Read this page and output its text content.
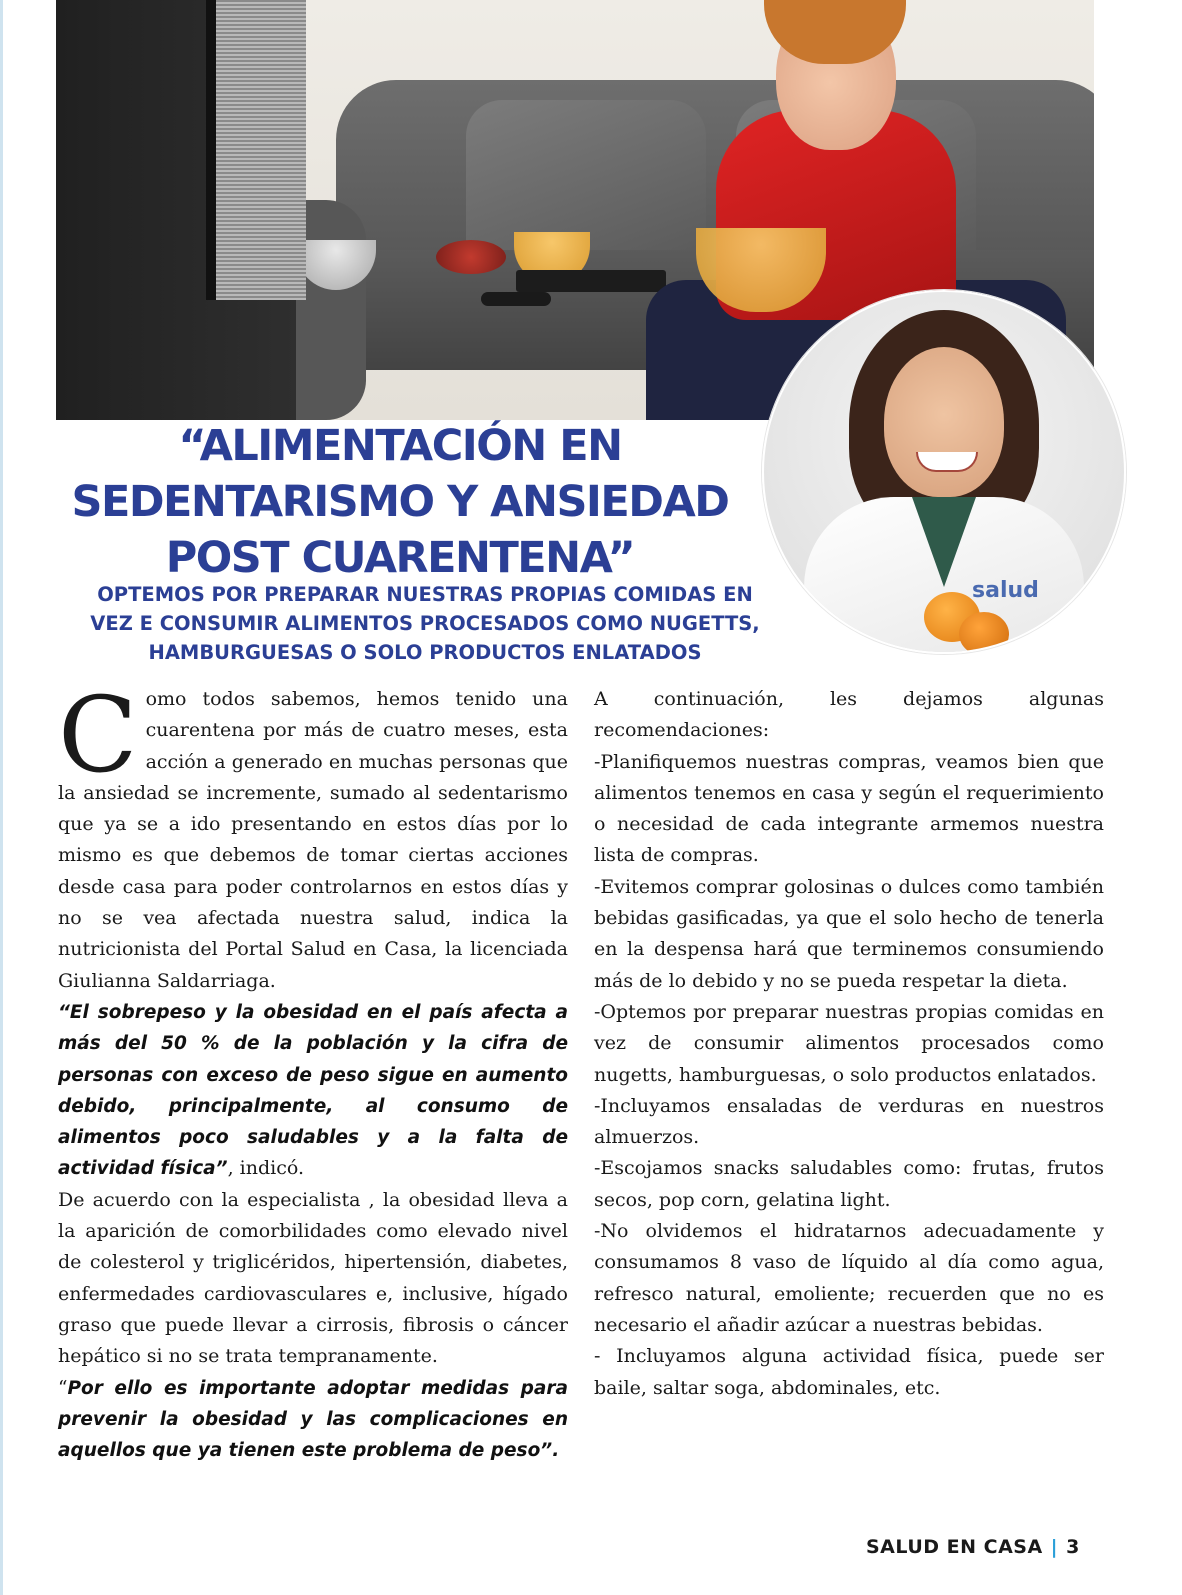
salud
“ALIMENTACIÓN EN
SEDENTARISMO Y ANSIEDAD
POST CUARENTENA”
OPTEMOS POR PREPARAR NUESTRAS PROPIAS COMIDAS EN
VEZ E CONSUMIR ALIMENTOS PROCESADOS COMO NUGETTS,
HAMBURGUESAS O SOLO PRODUCTOS ENLATADOS

Como todos sabemos, hemos tenido una cuarentena por más de cuatro meses, esta acción a generado en muchas personas que la ansiedad se incremente, sumado al sedentarismo que ya se a ido presentando en estos días por lo mismo es que debemos de tomar ciertas acciones desde casa para poder controlarnos en estos días y no se vea afectada nuestra salud, indica la nutricionista del Portal Salud en Casa, la licenciada Giulianna Saldarriaga.

“El sobrepeso y la obesidad en el país afecta a más del 50 % de la población y la cifra de personas con exceso de peso sigue en aumento debido, principalmente, al consumo de alimentos poco saludables y a la falta de actividad física”, indicó.

De acuerdo con la especialista , la obesidad lleva a la aparición de comorbilidades como elevado nivel de colesterol y triglicéridos, hipertensión, diabetes, enfermedades cardiovasculares e, inclusive, hígado graso que puede llevar a cirrosis, fibrosis o cáncer hepático si no se trata tempranamente.

“Por ello es importante adoptar medidas para prevenir la obesidad y las complicaciones en aquellos que ya tienen este problema de peso”.

A continuación, les dejamos algunas recomendaciones:

-Planifiquemos nuestras compras, veamos bien que alimentos tenemos en casa y según el requerimiento o necesidad de cada integrante armemos nuestra lista de compras.

-Evitemos comprar golosinas o dulces como también bebidas gasificadas, ya que el solo hecho de tenerla en la despensa hará que terminemos consumiendo más de lo debido y no se pueda respetar la dieta.

-Optemos por preparar nuestras propias comidas en vez de consumir alimentos procesados como nugetts, hamburguesas, o solo productos enlatados.

-Incluyamos ensaladas de verduras en nuestros almuerzos.

-Escojamos snacks saludables como: frutas, frutos secos, pop corn, gelatina light.

-No olvidemos el hidratarnos adecuadamente y consumamos 8 vaso de líquido al día como agua, refresco natural, emoliente; recuerden que no es necesario el añadir azúcar a nuestras bebidas.

- Incluyamos alguna actividad física, puede ser baile, saltar soga, abdominales, etc.

SALUD EN CASA | 3
